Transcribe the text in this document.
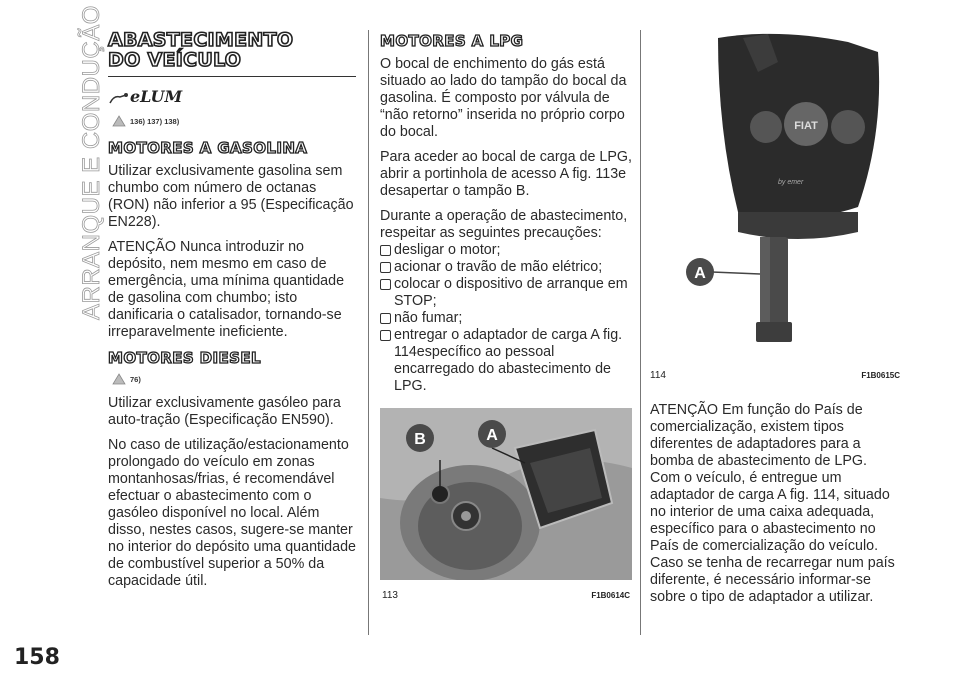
ARRANQUE E CONDUÇÃO
158
ABASTECIMENTO
DO VEÍCULO
eLUM
136) 137) 138)
MOTORES A GASOLINA

Utilizar exclusivamente gasolina sem chumbo com número de octanas (RON) não inferior a 95 (Especificação EN228).

ATENÇÃO Nunca introduzir no depósito, nem mesmo em caso de emergência, uma mínima quantidade de gasolina com chumbo; isto danificaria o catalisador, tornando-se irreparavelmente ineficiente.

MOTORES DIESEL
76)

Utilizar exclusivamente gasóleo para auto-tração (Especificação EN590).

No caso de utilização/estacionamento prolongado do veículo em zonas montanhosas/frias, é recomendável efectuar o abastecimento com o gasóleo disponível no local. Além disso, nestes casos, sugere-se manter no interior do depósito uma quantidade de combustível superior a 50% da capacidade útil.

MOTORES A LPG

O bocal de enchimento do gás está situado ao lado do tampão do bocal da gasolina. É composto por válvula de “não retorno” inserida no próprio corpo do bocal.

Para aceder ao bocal de carga de LPG, abrir a portinhola de acesso A fig. 113e desapertar o tampão B.

Durante a operação de abastecimento, respeitar as seguintes precauções:

desligar o motor;
acionar o travão de mão elétrico;
colocar o dispositivo de arranque em STOP;
não fumar;
entregar o adaptador de carga A fig. 114específico ao pessoal encarregado do abastecimento de LPG.
B	A
113	F1B0614C
FIAT
by emer
A
114	F1B0615C

ATENÇÃO Em função do País de comercialização, existem tipos diferentes de adaptadores para a bomba de abastecimento de LPG. Com o veículo, é entregue um adaptador de carga A fig. 114, situado no interior de uma caixa adequada, específico para o abastecimento no País de comercialização do veículo. Caso se tenha de recarregar num país diferente, é necessário informar-se sobre o tipo de adaptador a utilizar.
